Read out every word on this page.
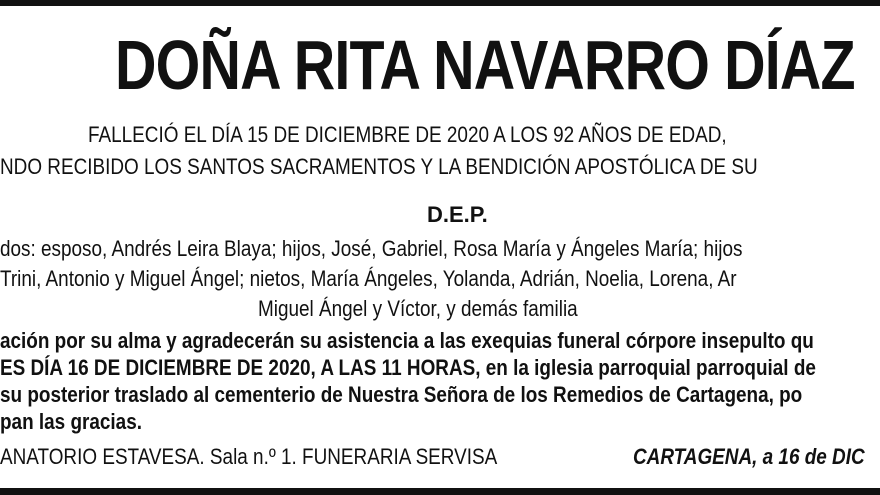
DOÑA RITA NAVARRO DÍAZ

FALLECIÓ EL DÍA 15 DE DICIEMBRE DE 2020 A LOS 92 AÑOS DE EDAD,

NDO RECIBIDO LOS SANTOS SACRAMENTOS Y LA BENDICIÓN APOSTÓLICA DE SU

D.E.P.

dos: esposo, Andrés Leira Blaya; hijos, José, Gabriel, Rosa María y Ángeles María; hijos

Trini, Antonio y Miguel Ángel; nietos, María Ángeles, Yolanda, Adrián, Noelia, Lorena, Ar

Miguel Ángel y Víctor, y demás familia

ación por su alma y agradecerán su asistencia a las exequias funeral córpore insepulto qu

ES DÍA 16 DE DICIEMBRE DE 2020, A LAS 11 HORAS, en la iglesia parroquial parroquial de

su posterior traslado al cementerio de Nuestra Señora de los Remedios de Cartagena, po

pan las gracias.

ANATORIO ESTAVESA. Sala n.º 1. FUNERARIA SERVISA	CARTAGENA, a 16 de DIC
